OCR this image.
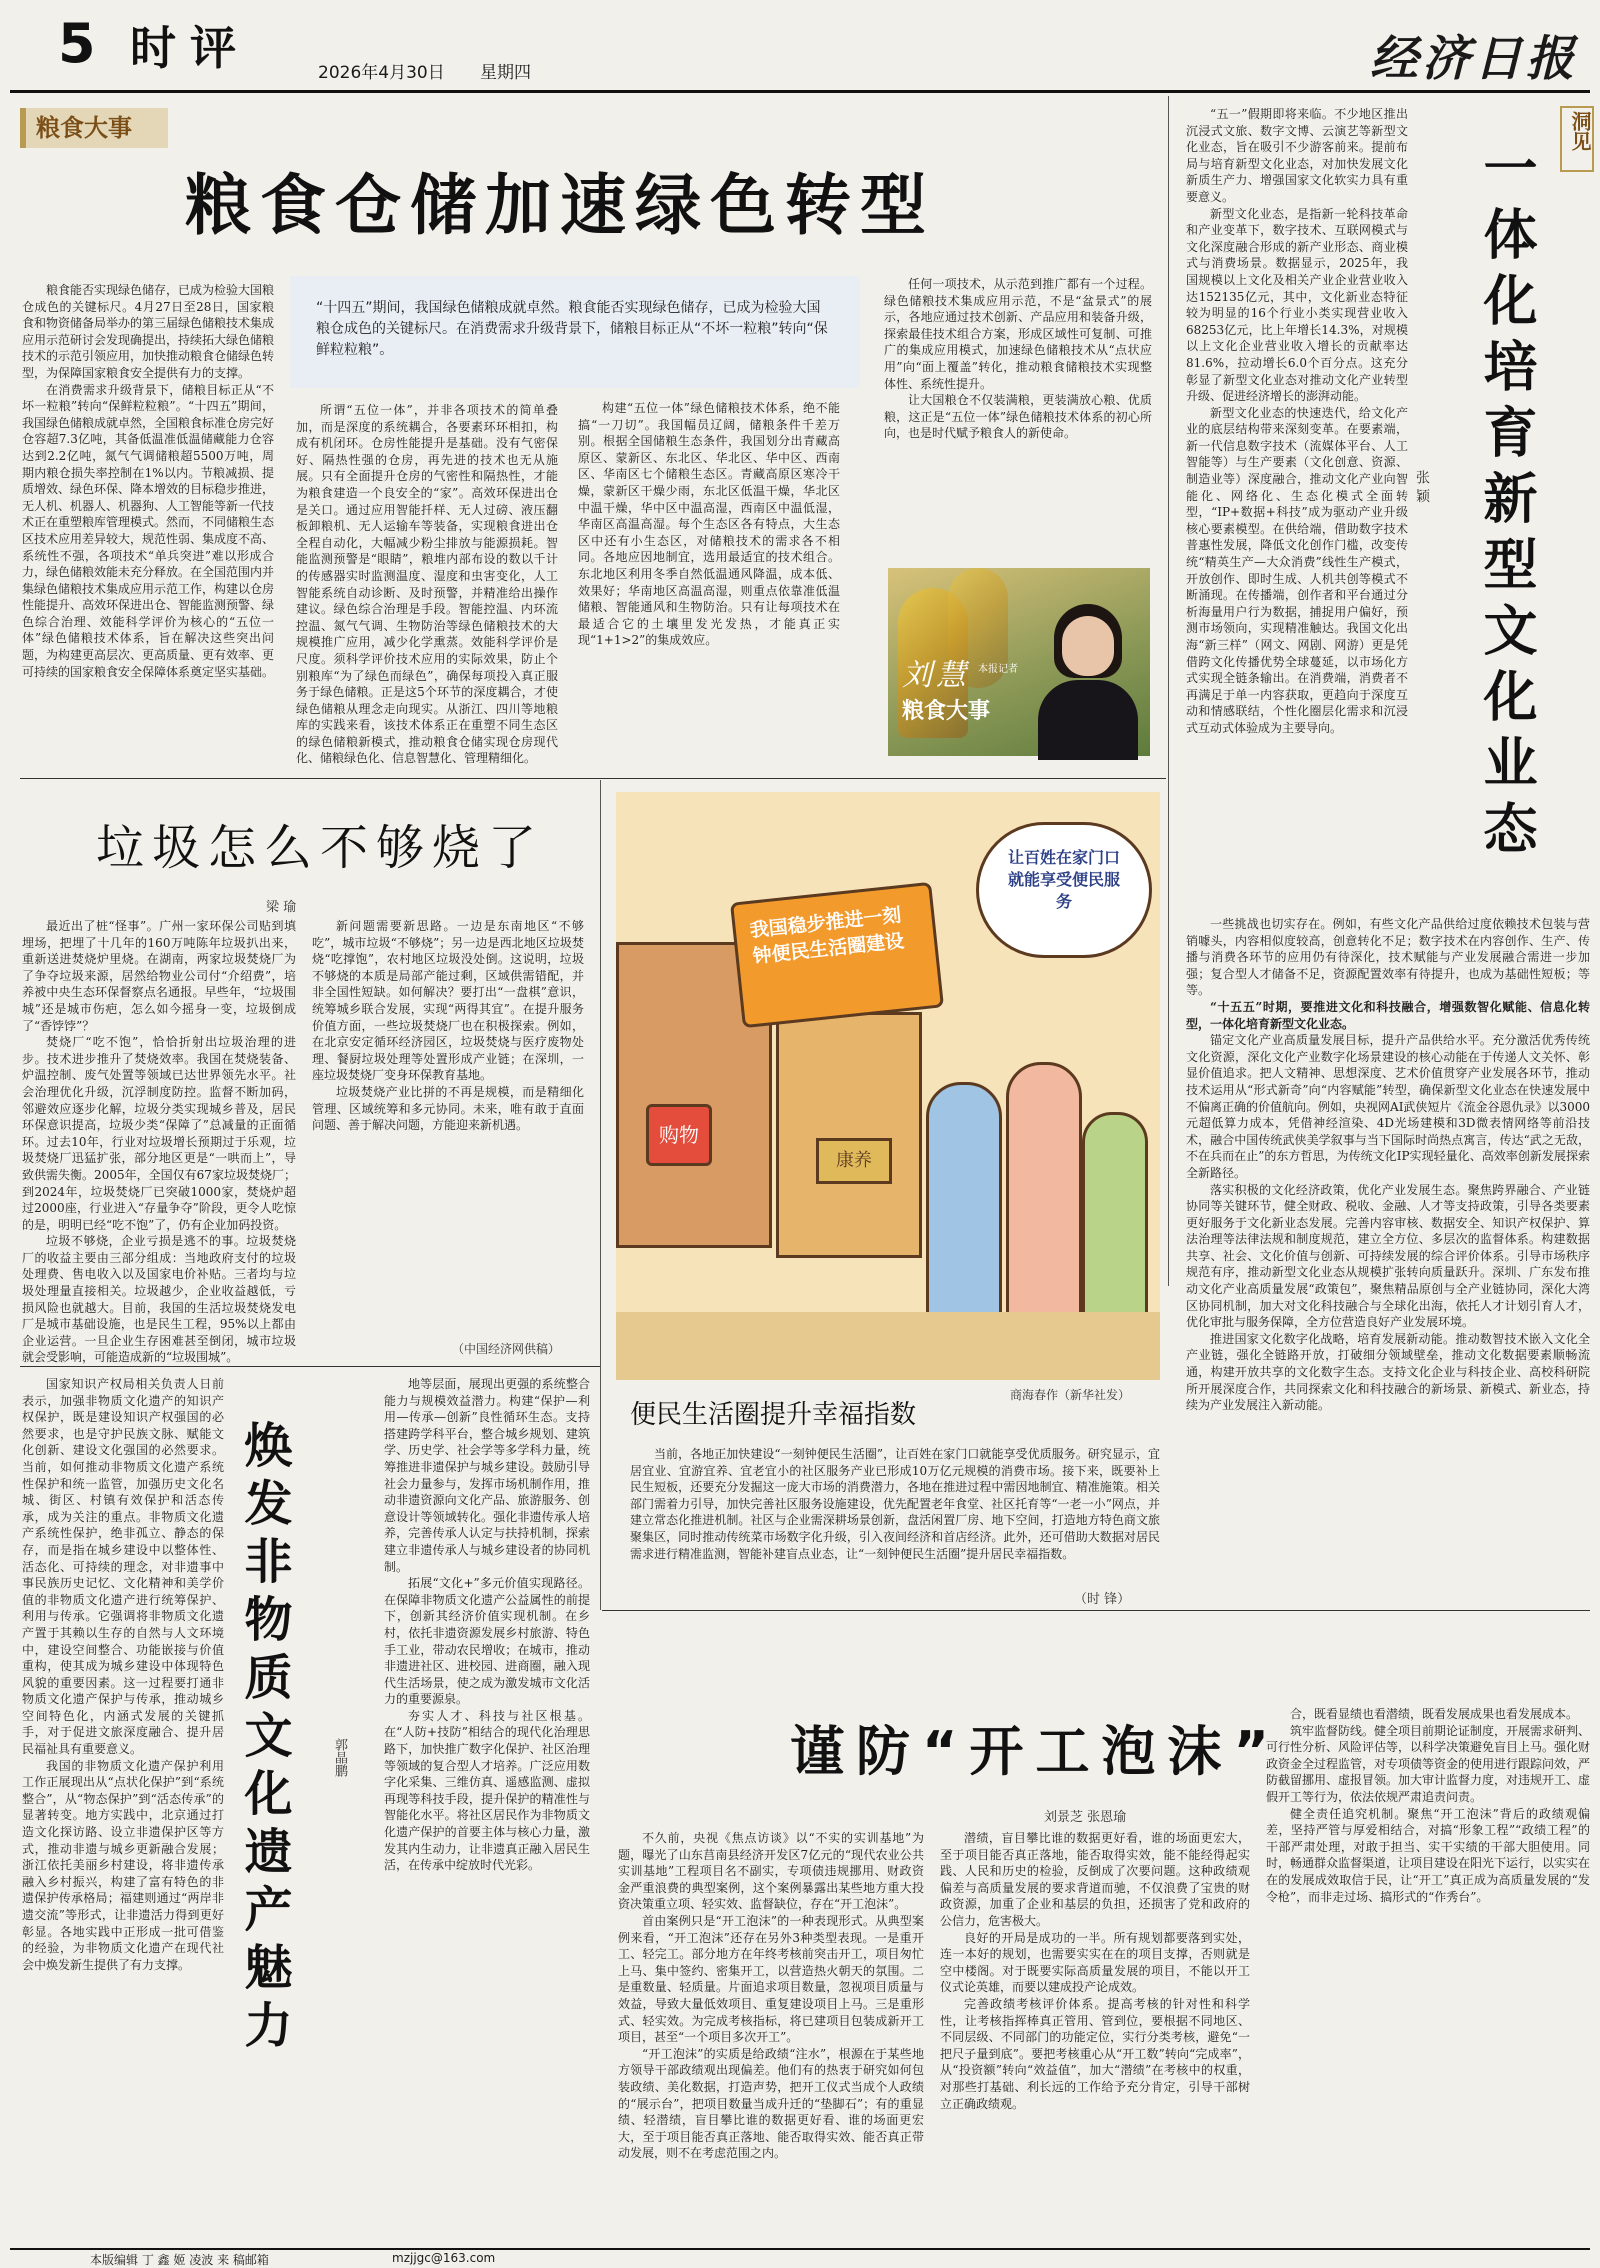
5 时评	2026年4月30日 星期四	经济日报
粮食大事
粮食仓储加速绿色转型

粮食能否实现绿色储存，已成为检验大国粮仓成色的关键标尺。4月27日至28日，国家粮食和物资储备局举办的第三届绿色储粮技术集成应用示范研讨会发现确提出，持续拓大绿色储粮技术的示范引领应用，加快推动粮食仓储绿色转型，为保障国家粮食安全提供有力的支撑。

在消费需求升级背景下，储粮目标正从“不坏一粒粮”转向“保鲜粒粒粮”。“十四五”期间，我国绿色储粮成就卓然，全国粮食标准仓房完好仓容超7.3亿吨，其备低温准低温储藏能力仓容达到2.2亿吨，氮气气调储粮超5500万吨，周期内粮仓损失率控制在1%以内。节粮减损、提质增效、绿色环保、降本增效的目标稳步推进，无人机、机器人、机器狗、人工智能等新一代技术正在重塑粮库管理模式。然而，不同储粮生态区技术应用差异较大，规范性弱、集成度不高、系统性不强，各项技术“单兵突进”难以形成合力，绿色储粮效能未充分释放。在全国范围内并集绿色储粮技术集成应用示范工作，构建以仓房性能提升、高效环保进出仓、智能监测预警、绿色综合治理、效能科学评价为核心的“五位一体”绿色储粮技术体系，旨在解决这些突出问题，为构建更高层次、更高质量、更有效率、更可持续的国家粮食安全保障体系奠定坚实基础。

“十四五”期间，我国绿色储粮成就卓然。粮食能否实现绿色储存，已成为检验大国粮仓成色的关键标尺。在消费需求升级背景下，储粮目标正从“不坏一粒粮”转向“保鲜粒粒粮”。
所谓“五位一体”，并非各项技术的简单叠加，而是深度的系统耦合，各要素环环相扣，构成有机闭环。仓房性能提升是基础。没有气密保好、隔热性强的仓房，再先进的技术也无从施展。只有全面提升仓房的气密性和隔热性，才能为粮食建造一个良安全的“家”。高效环保进出仓是关口。通过应用智能扦样、无人过磅、液压翻板卸粮机、无人运输车等装备，实现粮食进出仓全程自动化，大幅减少粉尘排放与能源损耗。智能监测预警是“眼睛”，粮堆内部布设的数以千计的传感器实时监测温度、湿度和虫害变化，人工智能系统自动诊断、及时预警，并精准给出操作建议。绿色综合治理是手段。智能控温、内环流控温、氮气气调、生物防治等绿色储粮技术的大规模推广应用，减少化学熏蒸。效能科学评价是尺度。须科学评价技术应用的实际效果，防止个别粮库“为了绿色而绿色”，确保每项投入真正服务于绿色储粮。正是这5个环节的深度耦合，才使绿色储粮从理念走向现实。从浙江、四川等地粮库的实践来看，该技术体系正在重塑不同生态区的绿色储粮新模式，推动粮食仓储实现仓房现代化、储粮绿色化、信息智慧化、管理精细化。
构建“五位一体”绿色储粮技术体系，绝不能搞“一刀切”。我国幅员辽阔，储粮条件千差万别。根据全国储粮生态条件，我国划分出青藏高原区、蒙新区、东北区、华北区、华中区、西南区、华南区七个储粮生态区。青藏高原区寒冷干燥，蒙新区干燥少雨，东北区低温干燥，华北区中温干燥，华中区中温高湿，西南区中温低湿，华南区高温高湿。每个生态区各有特点，大生态区中还有小生态区，对储粮技术的需求各不相同。各地应因地制宜，选用最适宜的技术组合。东北地区利用冬季自然低温通风降温，成本低、效果好；华南地区高温高湿，则重点依靠准低温储粮、智能通风和生物防治。只有让每项技术在最适合它的土壤里发光发热，才能真正实现“1+1>2”的集成效应。

任何一项技术，从示范到推广都有一个过程。绿色储粮技术集成应用示范，不是“盆景式”的展示，各地应通过技术创新、产品应用和装备升级，探索最佳技术组合方案，形成区域性可复制、可推广的集成应用模式，加速绿色储粮技术从“点状应用”向“面上覆盖”转化，推动粮食储粮技术实现整体性、系统性提升。

让大国粮仓不仅装满粮，更装满放心粮、优质粮，这正是“五位一体”绿色储粮技术体系的初心所向，也是时代赋予粮食人的新使命。

刘慧 本报记者
粮食大事
洞见
一体化培育新型文化业态
张 颖

“五一”假期即将来临。不少地区推出沉浸式文旅、数字文博、云演艺等新型文化业态，旨在吸引不少游客前来。提前布局与培育新型文化业态，对加快发展文化新质生产力、增强国家文化软实力具有重要意义。

新型文化业态，是指新一轮科技革命和产业变革下，数字技术、互联网模式与文化深度融合形成的新产业形态、商业模式与消费场景。数据显示，2025年，我国规模以上文化及相关产业企业营业收入达152135亿元，其中，文化新业态特征较为明显的16个行业小类实现营业收入68253亿元，比上年增长14.3%，对规模以上文化企业营业收入增长的贡献率达81.6%，拉动增长6.0个百分点。这充分彰显了新型文化业态对推动文化产业转型升级、促进经济增长的澎湃动能。

新型文化业态的快速迭代，给文化产业的底层结构带来深刻变革。在要素端，新一代信息数字技术（流媒体平台、人工智能等）与生产要素（文化创意、资源、制造业等）深度融合，推动文化产业向智能化、网络化、生态化模式全面转型，“IP+数据+科技”成为驱动产业升级核心要素模型。在供给端，借助数字技术普惠性发展，降低文化创作门槛，改变传统“精英生产—大众消费”线性生产模式，开放创作、即时生成、人机共创等模式不断涌现。在传播端，创作者和平台通过分析海量用户行为数据，捕捉用户偏好，预测市场领向，实现精准触达。我国文化出海“新三样”（网文、网剧、网游）更是凭借跨文化传播优势全球蔓延，以市场化方式实现全链条输出。在消费端，消费者不再满足于单一内容获取，更趋向于深度互动和情感联结，个性化圈层化需求和沉浸式互动式体验成为主要导向。

一些挑战也切实存在。例如，有些文化产品供给过度依赖技术包装与营销噱头，内容相似度较高，创意转化不足；数字技术在内容创作、生产、传播与消费各环节的应用仍有待深化，技术赋能与产业发展融合需进一步加强；复合型人才储备不足，资源配置效率有待提升，也成为基础性短板；等等。

“十五五”时期，要推进文化和科技融合，增强数智化赋能、信息化转型，一体化培育新型文化业态。

锚定文化产业高质量发展目标，提升产品供给水平。充分激活优秀传统文化资源，深化文化产业数字化场景建设的核心动能在于传递人文关怀、彰显价值追求。把人文精神、思想深度、艺术价值贯穿产业发展各环节，推动技术运用从“形式新奇”向“内容赋能”转型，确保新型文化业态在快速发展中不偏离正确的价值航向。例如，央视网AI武侠短片《流金谷恩仇录》以3000元超低算力成本，凭借神经渲染、4D光场建模和3D微表情网络等前沿技术，融合中国传统武侠美学叙事与当下国际时尚热点寓言，传达“武之无敌，不在兵而在止”的东方哲思，为传统文化IP实现轻量化、高效率创新发展探索全新路径。

落实积极的文化经济政策，优化产业发展生态。聚焦跨界融合、产业链协同等关键环节，健全财政、税收、金融、人才等支持政策，引导各类要素更好服务于文化新业态发展。完善内容审核、数据安全、知识产权保护、算法治理等法律法规和制度规范，建立全方位、多层次的监督体系。构建数据共享、社会、文化价值与创新、可持续发展的综合评价体系。引导市场秩序规范有序，推动新型文化业态从规模扩张转向质量跃升。深圳、广东发布推动文化产业高质量发展“政策包”，聚焦精品原创与全产业链协同，深化大湾区协同机制，加大对文化科技融合与全球化出海，依托人才计划引育人才，优化审批与服务保障，全方位营造良好产业发展环境。

推进国家文化数字化战略，培育发展新动能。推动数智技术嵌入文化全产业链，强化全链路开放，打破细分领域壁垒，推动文化数据要素顺畅流通，构建开放共享的文化数字生态。支持文化企业与科技企业、高校科研院所开展深度合作，共同探索文化和科技融合的新场景、新模式、新业态，持续为产业发展注入新动能。

垃圾怎么不够烧了
梁 瑜

最近出了桩“怪事”。广州一家环保公司贴到填埋场，把埋了十几年的160万吨陈年垃圾扒出来，重新送进焚烧炉里烧。在湖南，两家垃圾焚烧厂为了争夺垃圾来源，居然给物业公司付“介绍费”，培养被中央生态环保督察点名通报。早些年，“垃圾围城”还是城市伤疤，怎么如今摇身一变，垃圾倒成了“香饽饽”？

焚烧厂“吃不饱”，恰恰折射出垃圾治理的进步。技术进步推升了焚烧效率。我国在焚烧装备、炉温控制、废气处置等领域已达世界领先水平。社会治理优化升级，沉浮制度防控。监督不断加码，邻避效应逐步化解，垃圾分类实现城乡普及，居民环保意识提高，垃圾少类“保障了”总减量的正面循环。过去10年，行业对垃圾增长预期过于乐观，垃圾焚烧厂迅猛扩张，部分地区更是“一哄而上”，导致供需失衡。2005年，全国仅有67家垃圾焚烧厂；到2024年，垃圾焚烧厂已突破1000家，焚烧炉超过2000座，行业进入“存量争夺”阶段，更令人吃惊的是，明明已经“吃不饱”了，仍有企业加码投资。

垃圾不够烧，企业亏损是逃不的事。垃圾焚烧厂的收益主要由三部分组成：当地政府支付的垃圾处理费、售电收入以及国家电价补贴。三者均与垃圾处理量直接相关。垃圾越少，企业收益越低，亏损风险也就越大。目前，我国的生活垃圾焚烧发电厂是城市基础设施，也是民生工程，95%以上都由企业运营。一旦企业生存困难甚至倒闭，城市垃圾就会受影响，可能造成新的“垃圾围城”。

新问题需要新思路。一边是东南地区“不够吃”，城市垃圾“不够烧”；另一边是西北地区垃圾焚烧“吃撑饱”，农村地区垃圾没处倒。这说明，垃圾不够烧的本质是局部产能过剩，区域供需错配，并非全国性短缺。如何解决？要打出“一盘棋”意识，统筹城乡联合发展，实现“两得其宜”。在提升服务价值方面，一些垃圾焚烧厂也在积极探索。例如，在北京安定循环经济园区，垃圾焚烧与医疗废物处理、餐厨垃圾处理等处置形成产业链；在深圳，一座垃圾焚烧厂变身环保教育基地。

垃圾焚烧产业比拼的不再是规模，而是精细化管理、区域统筹和多元协同。未来，唯有敢于直面问题、善于解决问题，方能迎来新机遇。

（中国经济网供稿）
购物
康养
我国稳步推进一刻钟便民生活圈建设
让百姓在家门口就能享受便民服务
商海春作（新华社发）
便民生活圈提升幸福指数

当前，各地正加快建设“一刻钟便民生活圈”，让百姓在家门口就能享受优质服务。研究显示，宜居宜业、宜游宜养、宜老宜小的社区服务产业已形成10万亿元规模的消费市场。接下来，既要补上民生短板，还要充分发掘这一庞大市场的消费潜力，各地在推进过程中需因地制宜、精准施策。相关部门需着力引导，加快完善社区服务设施建设，优先配置老年食堂、社区托育等“一老一小”网点，并建立常态化推进机制。社区与企业需深耕场景创新，盘活闲置厂房、地下空间，打造地方特色商文旅聚集区，同时推动传统菜市场数字化升级，引入夜间经济和首店经济。此外，还可借助大数据对居民需求进行精准监测，智能补建盲点业态，让“一刻钟便民生活圈”提升居民幸福指数。

（时 锋）

国家知识产权局相关负责人日前表示，加强非物质文化遗产的知识产权保护，既是建设知识产权强国的必然要求，也是守护民族文脉、赋能文化创新、建设文化强国的必然要求。当前，如何推动非物质文化遗产系统性保护和统一监管，加强历史文化名城、街区、村镇有效保护和活态传承，成为关注的重点。非物质文化遗产系统性保护，绝非孤立、静态的保存，而是指在城乡建设中以整体性、活态化、可持续的理念，对非遗事中事民族历史记忆、文化精神和美学价值的非物质文化遗产进行统筹保护、利用与传承。它强调将非物质文化遗产置于其赖以生存的自然与人文环境中，建设空间整合、功能嵌接与价值重构，使其成为城乡建设中体现特色风貌的重要因素。这一过程要打通非物质文化遗产保护与传承，推动城乡空间特色化，内涵式发展的关键抓手，对于促进文旅深度融合、提升居民福祉具有重要意义。

我国的非物质文化遗产保护利用工作正展现出从“点状化保护”到“系统整合”，从“物态保护”到“活态传承”的显著转变。地方实践中，北京通过打造文化探访路、设立非遗保护区等方式，推动非遗与城乡更新融合发展；浙江依托美丽乡村建设，将非遗传承融入乡村振兴，构建了富有特色的非遗保护传承格局；福建则通过“两岸非遗交流”等形式，让非遗活力得到更好彰显。各地实践中正形成一批可借鉴的经验，为非物质文化遗产在现代社会中焕发新生提供了有力支撑。 焕发非物质文化遗产魅力	郭晶鹏

地等层面，展现出更强的系统整合能力与规模效益潜力。构建“保护—利用—传承—创新”良性循环生态。支持搭建跨学科平台，整合城乡规划、建筑学、历史学、社会学等多学科力量，统筹推进非遗保护与城乡建设。鼓励引导社会力量参与，发挥市场机制作用，推动非遗资源向文化产品、旅游服务、创意设计等领域转化。强化非遗传承人培养，完善传承人认定与扶持机制，探索建立非遗传承人与城乡建设者的协同机制。

拓展“文化+”多元价值实现路径。在保障非物质文化遗产公益属性的前提下，创新其经济价值实现机制。在乡村，依托非遗资源发展乡村旅游、特色手工业，带动农民增收；在城市，推动非遗进社区、进校园、进商圈，融入现代生活场景，使之成为激发城市文化活力的重要源泉。

夯实人才、科技与社区根基。在“人防+技防”相结合的现代化治理思路下，加快推广数字化保护、社区治理等领域的复合型人才培养。广泛应用数字化采集、三维仿真、遥感监测、虚拟再现等科技手段，提升保护的精准性与智能化水平。将社区居民作为非物质文化遗产保护的首要主体与核心力量，激发其内生动力，让非遗真正融入居民生活，在传承中绽放时代光彩。

谨防“开工泡沫”
刘景芝 张恩瑜

不久前，央视《焦点访谈》以“不实的实训基地”为题，曝光了山东莒南县经济开发区7亿元的“现代农业公共实训基地”工程项目名不副实，专项债违规挪用、财政资金严重浪费的典型案例，这个案例暴露出某些地方重大投资决策重立项、轻实效、监督缺位，存在“开工泡沫”。

首由案例只是“开工泡沫”的一种表现形式。从典型案例来看，“开工泡沫”还存在另外3种类型表现。一是重开工、轻完工。部分地方在年终考核前突击开工，项目匆忙上马、集中签约、密集开工，以营造热火朝天的氛围。二是重数量、轻质量。片面追求项目数量，忽视项目质量与效益，导致大量低效项目、重复建设项目上马。三是重形式、轻实效。为完成考核指标，将已建项目包装成新开工项目，甚至“一个项目多次开工”。

“开工泡沫”的实质是给政绩“注水”，根源在于某些地方领导干部政绩观出现偏差。他们有的热衷于研究如何包装政绩、美化数据，打造声势，把开工仪式当成个人政绩的“展示台”，把项目数量当成升迁的“垫脚石”；有的重显绩、轻潜绩，盲目攀比谁的数据更好看、谁的场面更宏大，至于项目能否真正落地、能否取得实效、能否真正带动发展，则不在考虑范围之内。

潜绩，盲目攀比谁的数据更好看，谁的场面更宏大，至于项目能否真正落地，能否取得实效，能不能经得起实践、人民和历史的检验，反倒成了次要问题。这种政绩观偏差与高质量发展的要求背道而驰，不仅浪费了宝贵的财政资源，加重了企业和基层的负担，还损害了党和政府的公信力，危害极大。

良好的开局是成功的一半。所有规划都要落到实处，连一本好的规划，也需要实实在在的项目支撑，否则就是空中楼阁。对于既要实际高质量发展的项目，不能以开工仪式论英雄，而要以建成投产论成效。

完善政绩考核评价体系。提高考核的针对性和科学性，让考核指挥棒真正管用、管到位，要根据不同地区、不同层级、不同部门的功能定位，实行分类考核，避免“一把尺子量到底”。要把考核重心从“开工数”转向“完成率”，从“投资额”转向“效益值”，加大“潜绩”在考核中的权重，对那些打基础、利长远的工作给予充分肯定，引导干部树立正确政绩观。

合，既看显绩也看潜绩，既看发展成果也看发展成本。

筑牢监督防线。健全项目前期论证制度，开展需求研判、可行性分析、风险评估等，以科学决策避免盲目上马。强化财政资金全过程监管，对专项债等资金的使用进行跟踪问效，严防截留挪用、虚报冒领。加大审计监督力度，对违规开工、虚假开工等行为，依法依规严肃追责问责。

健全责任追究机制。聚焦“开工泡沫”背后的政绩观偏差，坚持严管与厚爱相结合，对搞“形象工程”“政绩工程”的干部严肃处理，对敢于担当、实干实绩的干部大胆使用。同时，畅通群众监督渠道，让项目建设在阳光下运行，以实实在在的发展成效取信于民，让“开工”真正成为高质量发展的“发令枪”，而非走过场、搞形式的“作秀台”。

本版编辑 丁 鑫 姬 凌波 来 稿邮箱	mzjjgc@163.com
